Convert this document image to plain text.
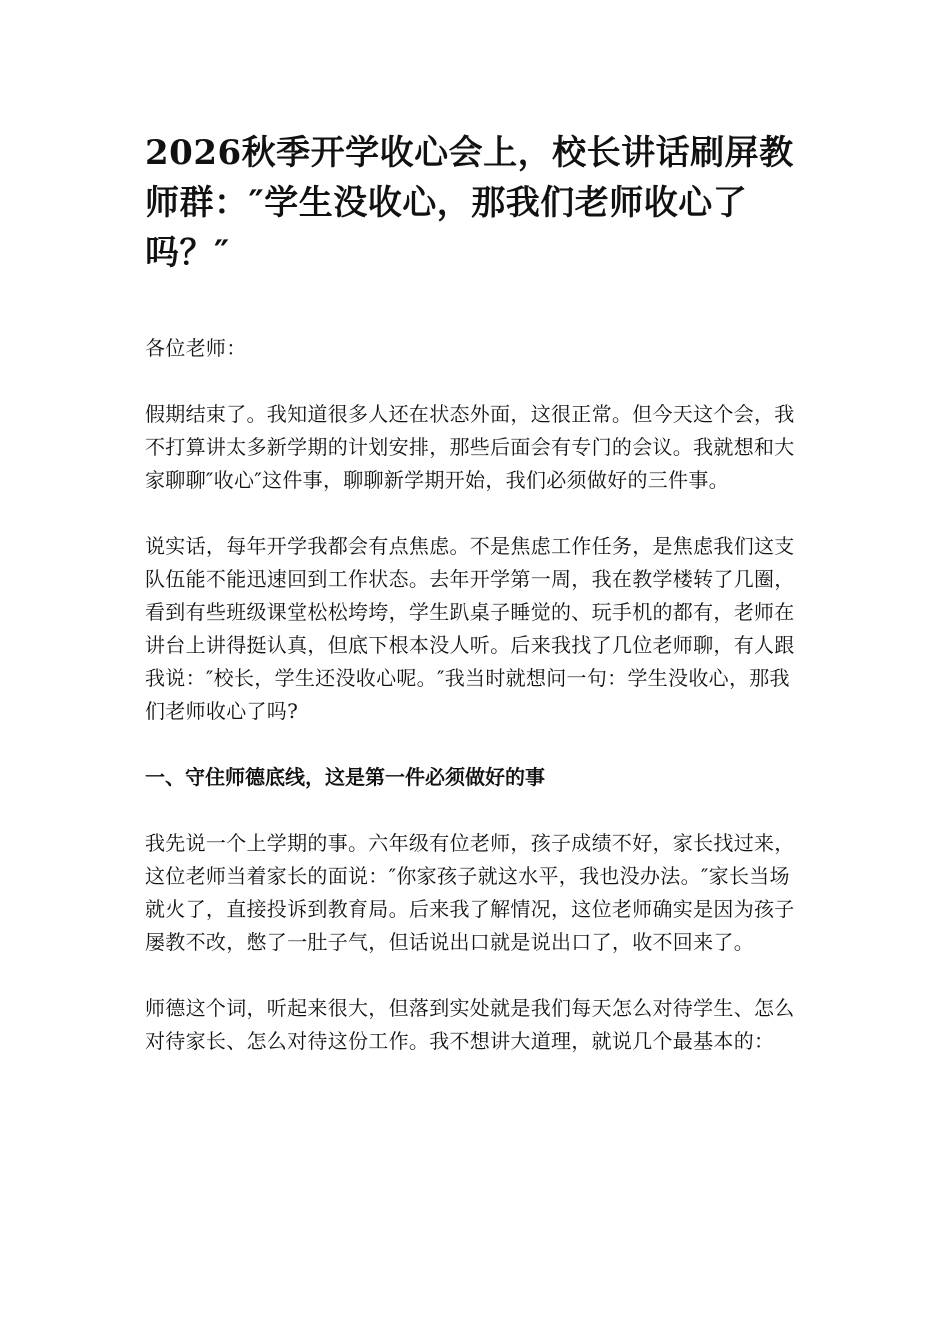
2026秋季开学收心会上，校长讲话刷屏教师群：″学生没收心，那我们老师收心了吗？″

各位老师：

假期结束了。我知道很多人还在状态外面，这很正常。但今天这个会，我不打算讲太多新学期的计划安排，那些后面会有专门的会议。我就想和大家聊聊″收心″这件事，聊聊新学期开始，我们必须做好的三件事。

说实话，每年开学我都会有点焦虑。不是焦虑工作任务，是焦虑我们这支队伍能不能迅速回到工作状态。去年开学第一周，我在教学楼转了几圈，看到有些班级课堂松松垮垮，学生趴桌子睡觉的、玩手机的都有，老师在讲台上讲得挺认真，但底下根本没人听。后来我找了几位老师聊，有人跟我说：″校长，学生还没收心呢。″我当时就想问一句：学生没收心，那我们老师收心了吗?

一、守住师德底线，这是第一件必须做好的事

我先说一个上学期的事。六年级有位老师，孩子成绩不好，家长找过来，这位老师当着家长的面说：″你家孩子就这水平，我也没办法。″家长当场就火了，直接投诉到教育局。后来我了解情况，这位老师确实是因为孩子屡教不改，憋了一肚子气，但话说出口就是说出口了，收不回来了。

师德这个词，听起来很大，但落到实处就是我们每天怎么对待学生、怎么对待家长、怎么对待这份工作。我不想讲大道理，就说几个最基本的：
